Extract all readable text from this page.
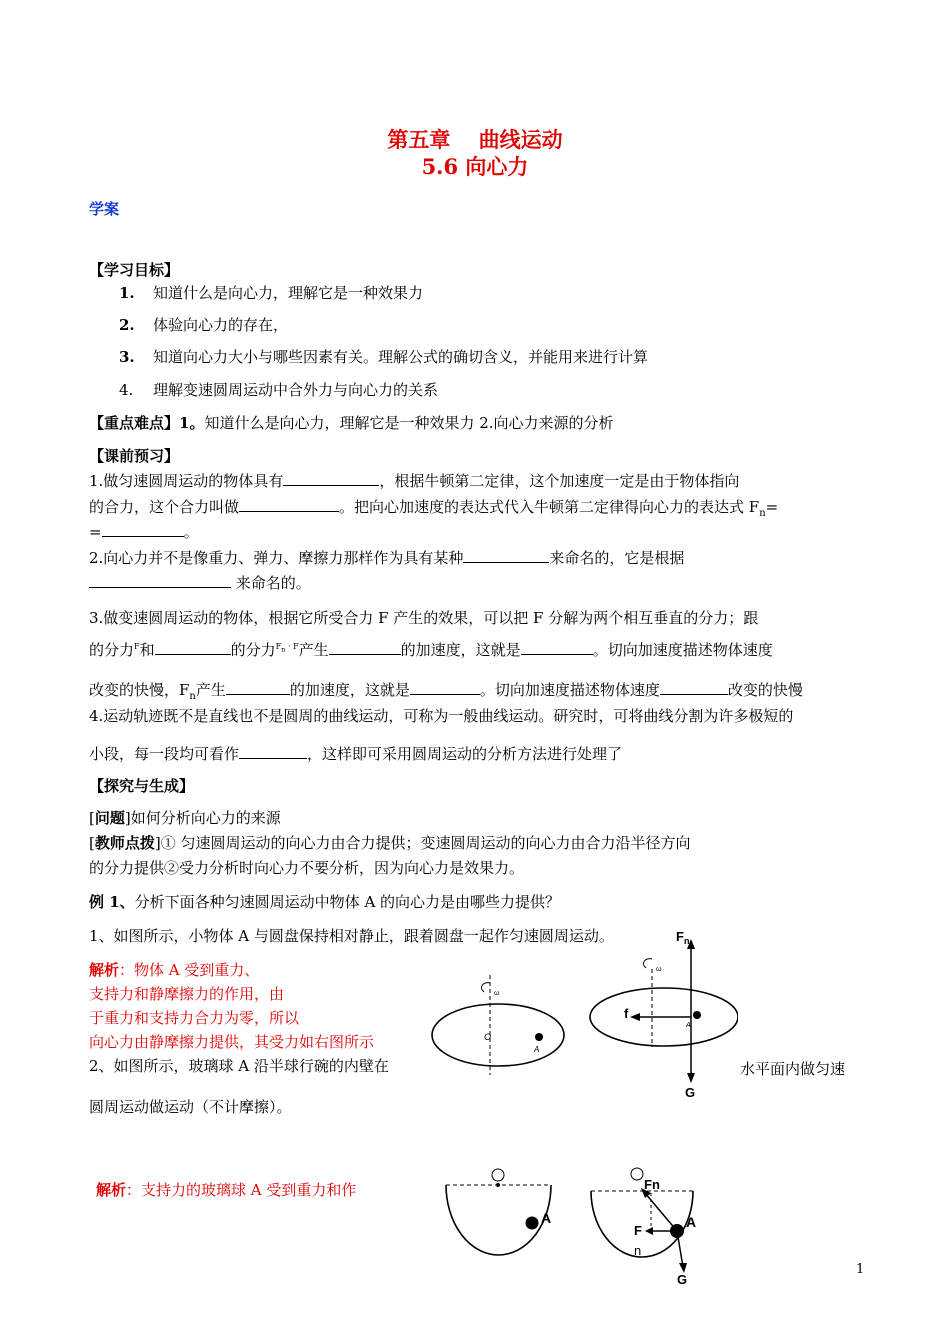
第五章　 曲线运动
5.6 向心力
学案
【学习目标】
1. 知道什么是向心力，理解它是一种效果力
2. 体验向心力的存在，
3. 知道向心力大小与哪些因素有关。理解公式的确切含义，并能用来进行计算
4. 理解变速圆周运动中合外力与向心力的关系
【重点难点】1。知道什么是向心力，理解它是一种效果力 2.向心力来源的分析
【课前预习】
1.做匀速圆周运动的物体具有	，根据牛顿第二定律，这个加速度一定是由于物体指向
的合力，这个合力叫做	。把向心加速度的表达式代入牛顿第二定律得向心力的表达式 $F_n=$
=	。
2.向心力并不是像重力、弹力、摩擦力那样作为具有某种	来命名的，它是根据
来命名的。
3.做变速圆周运动的物体，根据它所受合力 F 产生的效果，可以把 F 分解为两个相互垂直的分力；跟
的分力$^F$和	的分力$^{F_n \cdot F}$产生	的加速度，这就是	。切向加速度描述物体速度
改变的快慢，$F_n$产生	的加速度，这就是	。切向加速度描述物体速度	改变的快慢
4.运动轨迹既不是直线也不是圆周的曲线运动，可称为一般曲线运动。研究时，可将曲线分割为许多极短的
小段，每一段均可看作	，这样即可采用圆周运动的分析方法进行处理了
【探究与生成】
[问题]如何分析向心力的来源
[教师点拨]① 匀速圆周运动的向心力由合力提供；变速圆周运动的向心力由合力沿半径方向
的分力提供②受力分析时向心力不要分析，因为向心力是效果力。
例 1、分析下面各种匀速圆周运动中物体 A 的向心力是由哪些力提供？
1、如图所示，小物体 A 与圆盘保持相对静止，跟着圆盘一起作匀速圆周运动。
解析：物体 A 受到重力、
支持力和静摩擦力的作用，由
于重力和支持力合力为零，所以
向心力由静摩擦力提供，其受力如右图所示
2、如图所示，玻璃球 A 沿半球行碗的内壁在	水平面内做匀速
圆周运动做运动（不计摩擦）。
解析：支持力的玻璃球 A 受到重力和作
ω
O
A
ω
A
$F_n$
f
G
A	A
Fn
F
n
G
1
